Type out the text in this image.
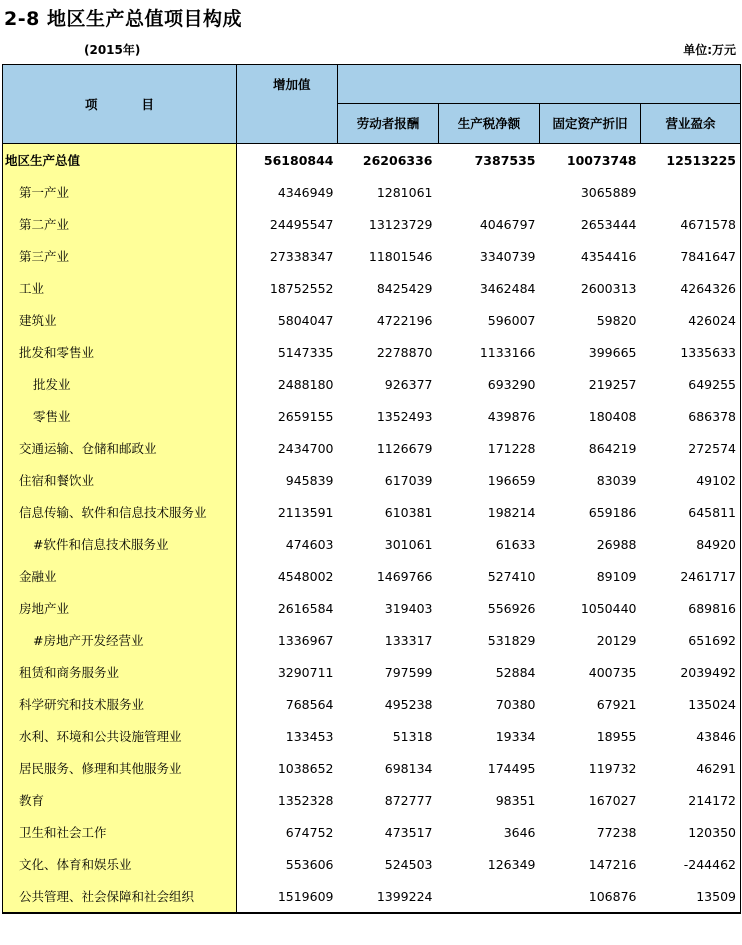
2-8 地区生产总值项目构成
(2015年)	单位:万元
项目	增加值				
		劳动者报酬	生产税净额	固定资产折旧	营业盈余
地区生产总值	56180844	26206336	7387535	10073748	12513225
第一产业	4346949	1281061		3065889	
第二产业	24495547	13123729	4046797	2653444	4671578
第三产业	27338347	11801546	3340739	4354416	7841647
工业	18752552	8425429	3462484	2600313	4264326
建筑业	5804047	4722196	596007	59820	426024
批发和零售业	5147335	2278870	1133166	399665	1335633
批发业	2488180	926377	693290	219257	649255
零售业	2659155	1352493	439876	180408	686378
交通运输、仓储和邮政业	2434700	1126679	171228	864219	272574
住宿和餐饮业	945839	617039	196659	83039	49102
信息传输、软件和信息技术服务业	2113591	610381	198214	659186	645811
#软件和信息技术服务业	474603	301061	61633	26988	84920
金融业	4548002	1469766	527410	89109	2461717
房地产业	2616584	319403	556926	1050440	689816
#房地产开发经营业	1336967	133317	531829	20129	651692
租赁和商务服务业	3290711	797599	52884	400735	2039492
科学研究和技术服务业	768564	495238	70380	67921	135024
水利、环境和公共设施管理业	133453	51318	19334	18955	43846
居民服务、修理和其他服务业	1038652	698134	174495	119732	46291
教育	1352328	872777	98351	167027	214172
卫生和社会工作	674752	473517	3646	77238	120350
文化、体育和娱乐业	553606	524503	126349	147216	-244462
公共管理、社会保障和社会组织	1519609	1399224		106876	13509
